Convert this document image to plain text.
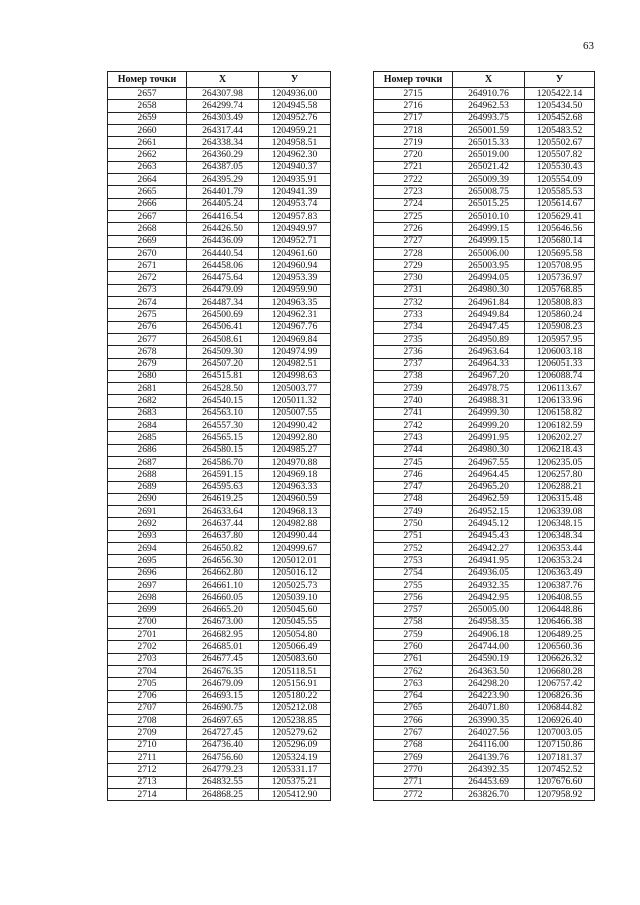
63
Номер точки	X	У
2657	264307.98	1204936.00
2658	264299.74	1204945.58
2659	264303.49	1204952.76
2660	264317.44	1204959.21
2661	264338.34	1204958.51
2662	264360.29	1204962.30
2663	264387.05	1204940.37
2664	264395.29	1204935.91
2665	264401.79	1204941.39
2666	264405.24	1204953.74
2667	264416.54	1204957.83
2668	264426.50	1204949.97
2669	264436.09	1204952.71
2670	264440.54	1204961.60
2671	264458.06	1204960.94
2672	264475.64	1204953.39
2673	264479.09	1204959.90
2674	264487.34	1204963.35
2675	264500.69	1204962.31
2676	264506.41	1204967.76
2677	264508.61	1204969.84
2678	264509.30	1204974.99
2679	264507.20	1204982.51
2680	264515.81	1204998.63
2681	264528.50	1205003.77
2682	264540.15	1205011.32
2683	264563.10	1205007.55
2684	264557.30	1204990.42
2685	264565.15	1204992.80
2686	264580.15	1204985.27
2687	264586.70	1204970.88
2688	264591.15	1204969.18
2689	264595.63	1204963.33
2690	264619.25	1204960.59
2691	264633.64	1204968.13
2692	264637.44	1204982.88
2693	264637.80	1204990.44
2694	264650.82	1204999.67
2695	264656.30	1205012.01
2696	264662.80	1205016.12
2697	264661.10	1205025.73
2698	264660.05	1205039.10
2699	264665.20	1205045.60
2700	264673.00	1205045.55
2701	264682.95	1205054.80
2702	264685.01	1205066.49
2703	264677.45	1205083.60
2704	264676.35	1205118.51
2705	264679.09	1205156.91
2706	264693.15	1205180.22
2707	264690.75	1205212.08
2708	264697.65	1205238.85
2709	264727.45	1205279.62
2710	264736.40	1205296.09
2711	264756.60	1205324.19
2712	264779.23	1205331.17
2713	264832.55	1205375.21
2714	264868.25	1205412.90
Номер точки	X	У
2715	264910.76	1205422.14
2716	264962.53	1205434.50
2717	264993.75	1205452.68
2718	265001.59	1205483.52
2719	265015.33	1205502.67
2720	265019.00	1205507.82
2721	265021.42	1205530.43
2722	265009.39	1205554.09
2723	265008.75	1205585.53
2724	265015.25	1205614.67
2725	265010.10	1205629.41
2726	264999.15	1205646.56
2727	264999.15	1205680.14
2728	265006.00	1205695.58
2729	265003.95	1205708.95
2730	264994.05	1205736.97
2731	264980.30	1205768.85
2732	264961.84	1205808.83
2733	264949.84	1205860.24
2734	264947.45	1205908.23
2735	264950.89	1205957.95
2736	264963.64	1206003.18
2737	264964.33	1206051.33
2738	264967.20	1206088.74
2739	264978.75	1206113.67
2740	264988.31	1206133.96
2741	264999.30	1206158.82
2742	264999.20	1206182.59
2743	264991.95	1206202.27
2744	264980.30	1206218.43
2745	264967.55	1206235.05
2746	264964.45	1206257.80
2747	264965.20	1206288.21
2748	264962.59	1206315.48
2749	264952.15	1206339.08
2750	264945.12	1206348.15
2751	264945.43	1206348.34
2752	264942.27	1206353.44
2753	264941.95	1206353.24
2754	264936.05	1206363.49
2755	264932.35	1206387.76
2756	264942.95	1206408.55
2757	265005.00	1206448.86
2758	264958.35	1206466.38
2759	264906.18	1206489.25
2760	264744.00	1206560.36
2761	264590.19	1206626.32
2762	264363.50	1206680.28
2763	264298.20	1206757.42
2764	264223.90	1206826.36
2765	264071.80	1206844.82
2766	263990.35	1206926.40
2767	264027.56	1207003.05
2768	264116.00	1207150.86
2769	264139.76	1207181.37
2770	264392.35	1207452.52
2771	264453.69	1207676.60
2772	263826.70	1207958.92
